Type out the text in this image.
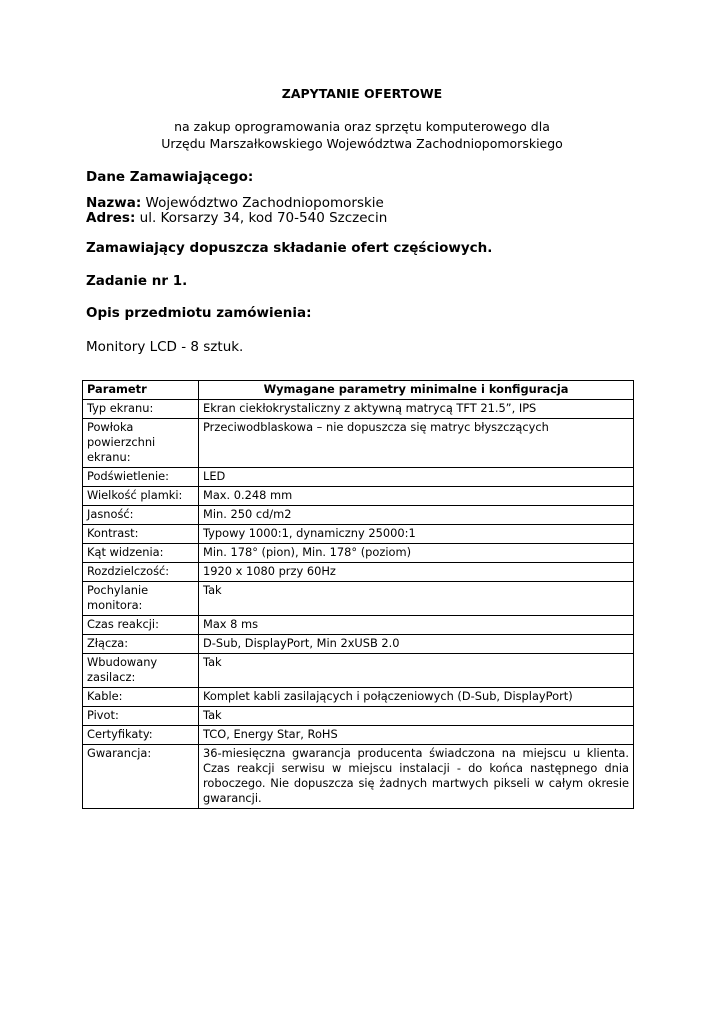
ZAPYTANIE OFERTOWE
na zakup oprogramowania oraz sprzętu komputerowego dla
Urzędu Marszałkowskiego Województwa Zachodniopomorskiego
Dane Zamawiającego:
Nazwa: Województwo Zachodniopomorskie
Adres: ul. Korsarzy 34, kod 70-540 Szczecin
Zamawiający dopuszcza składanie ofert częściowych.
Zadanie nr 1.
Opis przedmiotu zamówienia:
Monitory LCD - 8 sztuk.
Parametr	Wymagane parametry minimalne i konfiguracja
Typ ekranu:	Ekran ciekłokrystaliczny z aktywną matrycą TFT 21.5”, IPS
Powłoka powierzchni ekranu:	Przeciwodblaskowa – nie dopuszcza się matryc błyszczących
Podświetlenie:	LED
Wielkość plamki:	Max. 0.248 mm
Jasność:	Min. 250 cd/m2
Kontrast:	Typowy 1000:1, dynamiczny 25000:1
Kąt widzenia:	Min. 178° (pion), Min. 178° (poziom)
Rozdzielczość:	1920 x 1080 przy 60Hz
Pochylanie monitora:	Tak
Czas reakcji:	Max 8 ms
Złącza:	D-Sub, DisplayPort, Min 2xUSB 2.0
Wbudowany zasilacz:	Tak
Kable:	Komplet kabli zasilających i połączeniowych (D-Sub, DisplayPort)
Pivot:	Tak
Certyfikaty:	TCO, Energy Star, RoHS
Gwarancja:	36-miesięczna gwarancja producenta świadczona na miejscu u klienta. Czas reakcji serwisu w miejscu instalacji - do końca następnego dnia roboczego. Nie dopuszcza się żadnych martwych pikseli w całym okresie gwarancji.
